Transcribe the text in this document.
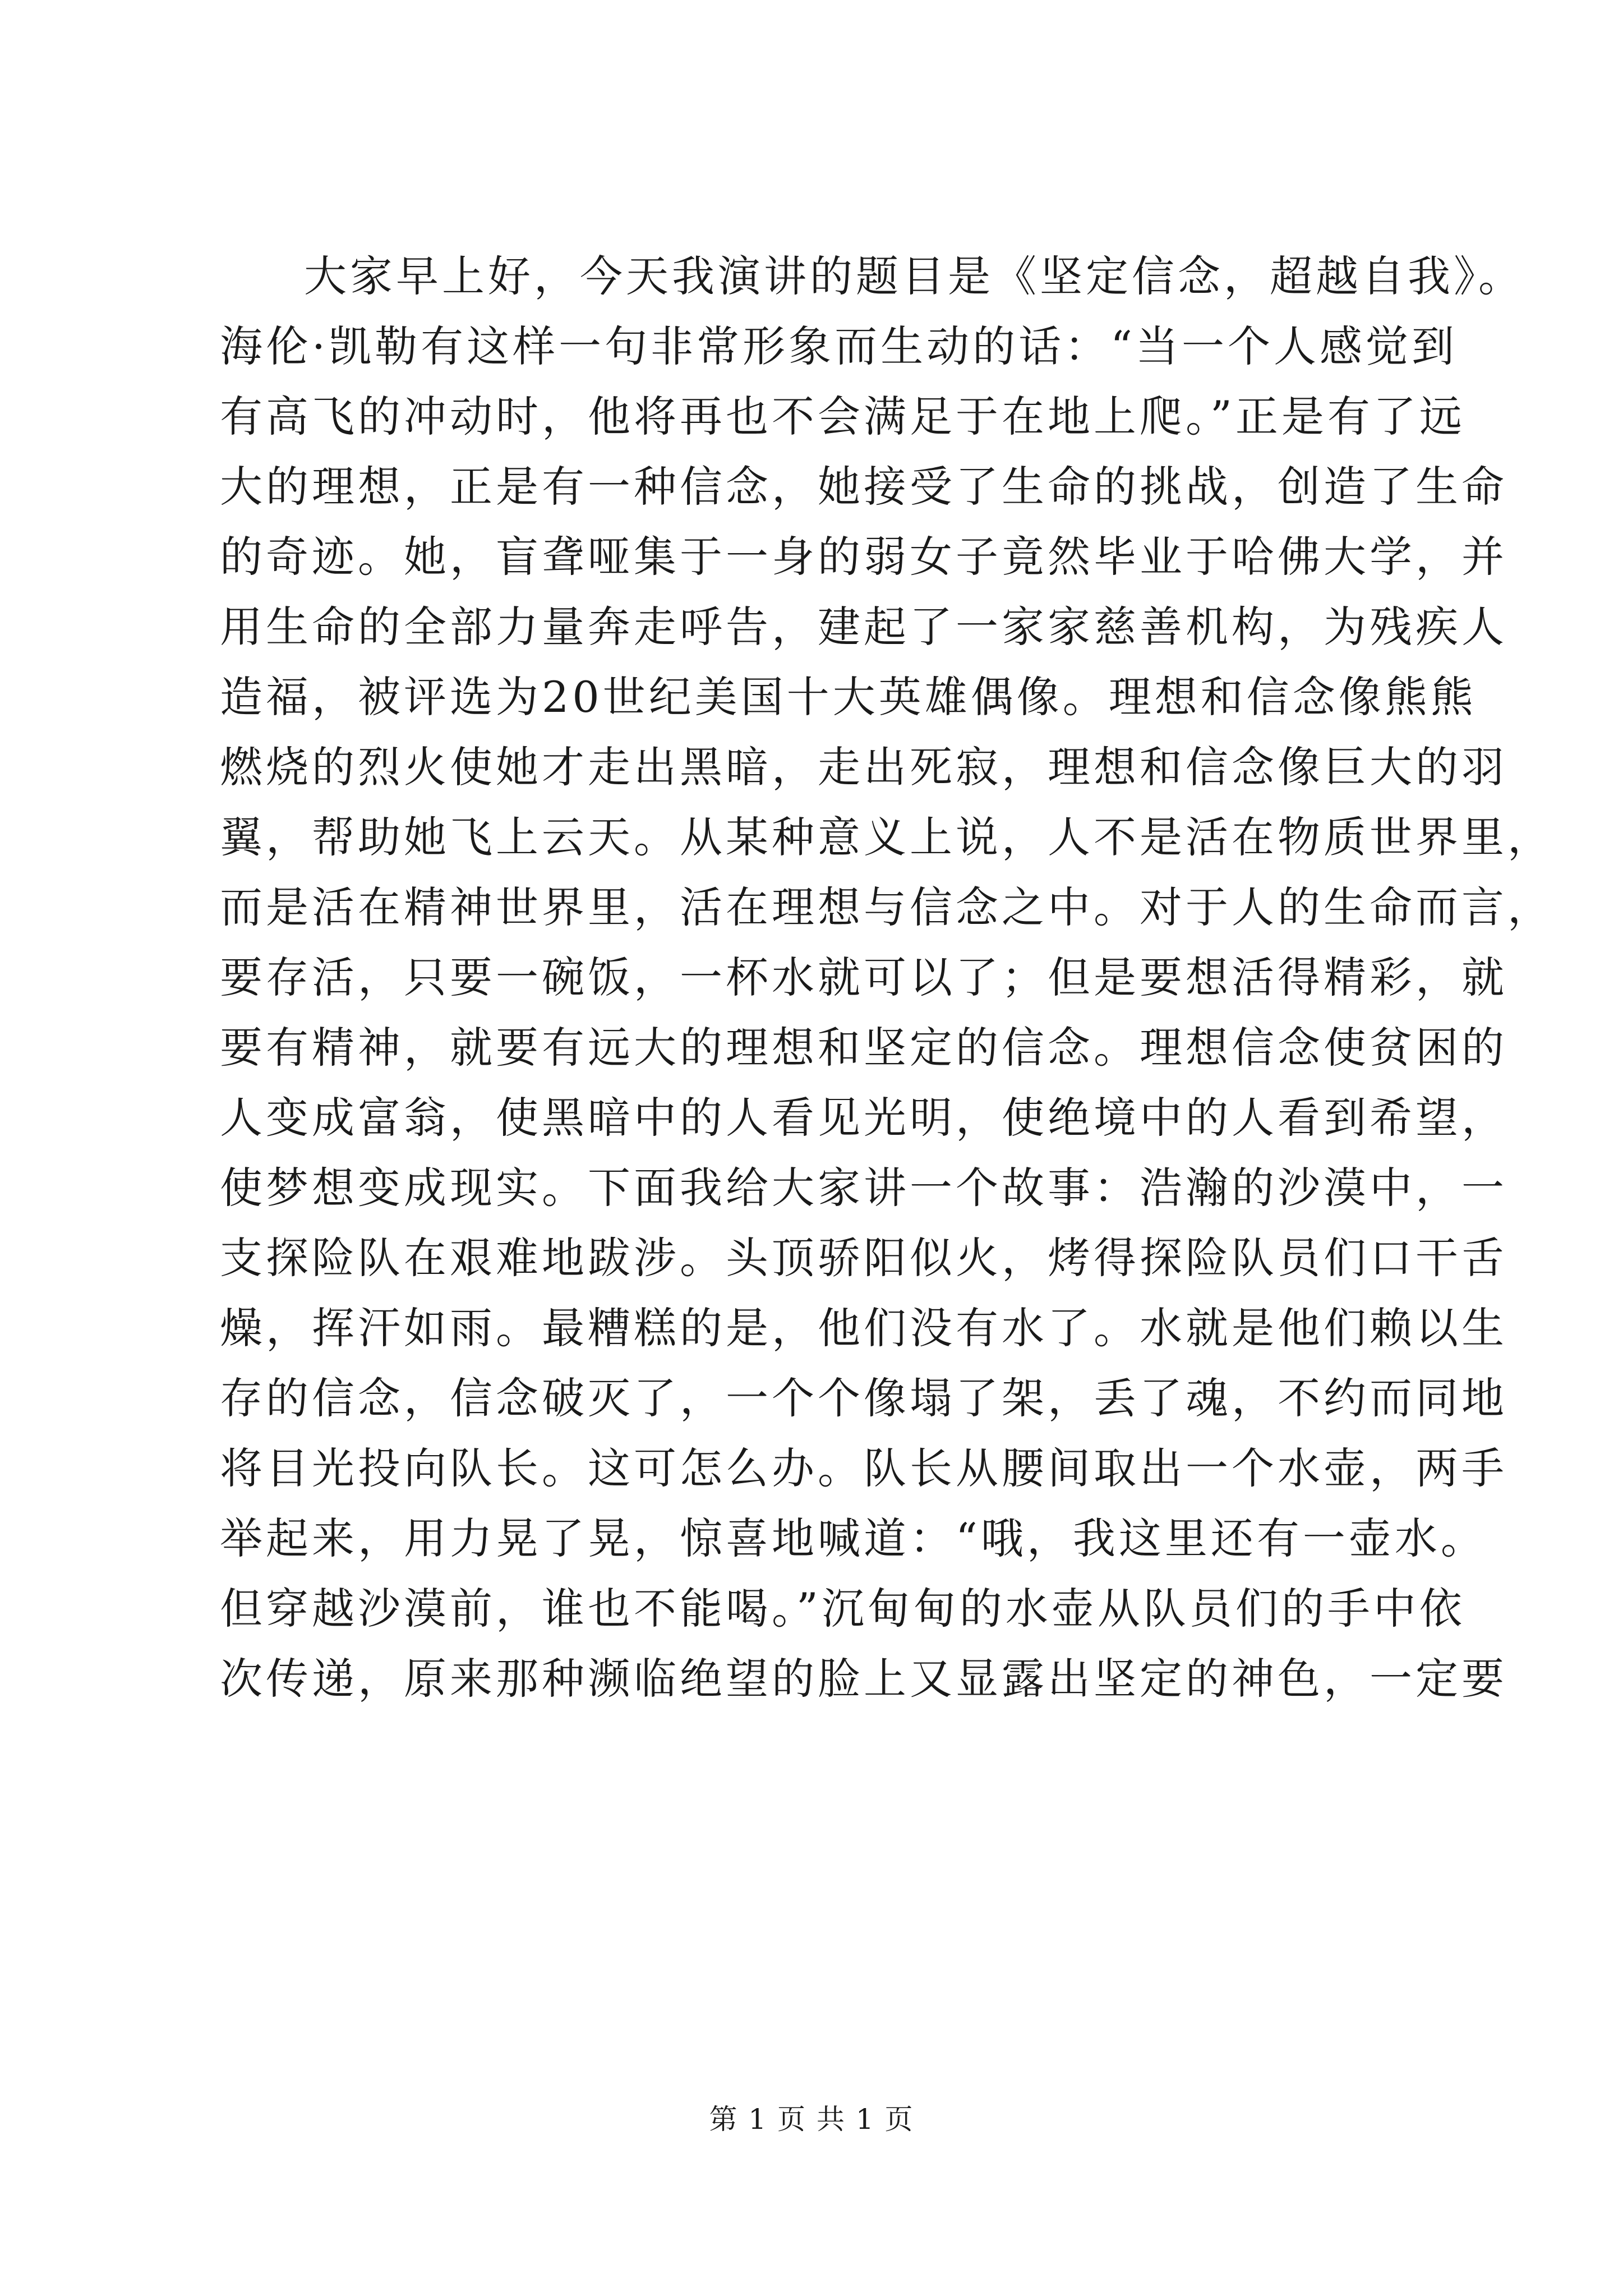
大家早上好，今天我演讲的题目是《坚定信念，超越自我》。
海伦·凯勒有这样一句非常形象而生动的话：“当一个人感觉到
有高飞的冲动时，他将再也不会满足于在地上爬。”正是有了远
大的理想，正是有一种信念，她接受了生命的挑战，创造了生命
的奇迹。她，盲聋哑集于一身的弱女子竟然毕业于哈佛大学，并
用生命的全部力量奔走呼告，建起了一家家慈善机构，为残疾人
造福，被评选为20世纪美国十大英雄偶像。理想和信念像熊熊
燃烧的烈火使她才走出黑暗，走出死寂，理想和信念像巨大的羽
翼，帮助她飞上云天。从某种意义上说，人不是活在物质世界里，
而是活在精神世界里，活在理想与信念之中。对于人的生命而言，
要存活，只要一碗饭，一杯水就可以了；但是要想活得精彩，就
要有精神，就要有远大的理想和坚定的信念。理想信念使贫困的
人变成富翁，使黑暗中的人看见光明，使绝境中的人看到希望，
使梦想变成现实。下面我给大家讲一个故事：浩瀚的沙漠中，一
支探险队在艰难地跋涉。头顶骄阳似火，烤得探险队员们口干舌
燥，挥汗如雨。最糟糕的是，他们没有水了。水就是他们赖以生
存的信念，信念破灭了，一个个像塌了架，丢了魂，不约而同地
将目光投向队长。这可怎么办。队长从腰间取出一个水壶，两手
举起来，用力晃了晃，惊喜地喊道：“哦，我这里还有一壶水。
但穿越沙漠前，谁也不能喝。”沉甸甸的水壶从队员们的手中依
次传递，原来那种濒临绝望的脸上又显露出坚定的神色，一定要
第 1 页 共 1 页
